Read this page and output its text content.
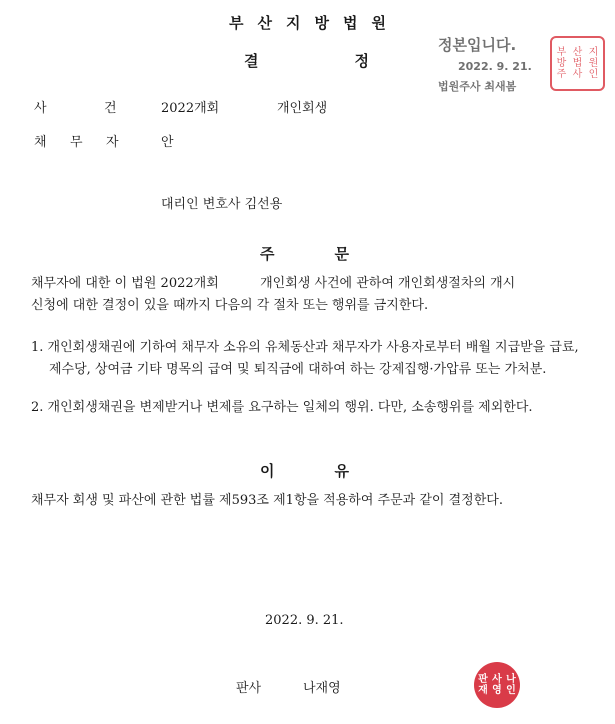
부산지방법원
결	정
정본입니다.
2022. 9. 21.
법원주사 최새봄
부 산 지
방 법 원
주 사 인
사	건	2022개회	개인회생
채 무 자	안
대리인 변호사 김선용
주	문
채무자에 대한 이 법원 2022개회          개인회생 사건에 관하여 개인회생절차의 개시
신청에 대한 결정이 있을 때까지 다음의 각 절차 또는 행위를 금지한다.
1. 개인회생채권에 기하여 채무자 소유의 유체동산과 채무자가 사용자로부터 배월 지급받을 급료, 제수당, 상여금 기타 명목의 급여 및 퇴직금에 대하여 하는 강제집행·가압류 또는 가처분.
2. 개인회생채권을 변제받거나 변제를 요구하는 일체의 행위. 다만, 소송행위를 제외한다.
이	유
채무자 회생 및 파산에 관한 법률 제593조 제1항을 적용하여 주문과 같이 결정한다.
2022. 9. 21.
판사	나재영
판 사 나
재 영 인
